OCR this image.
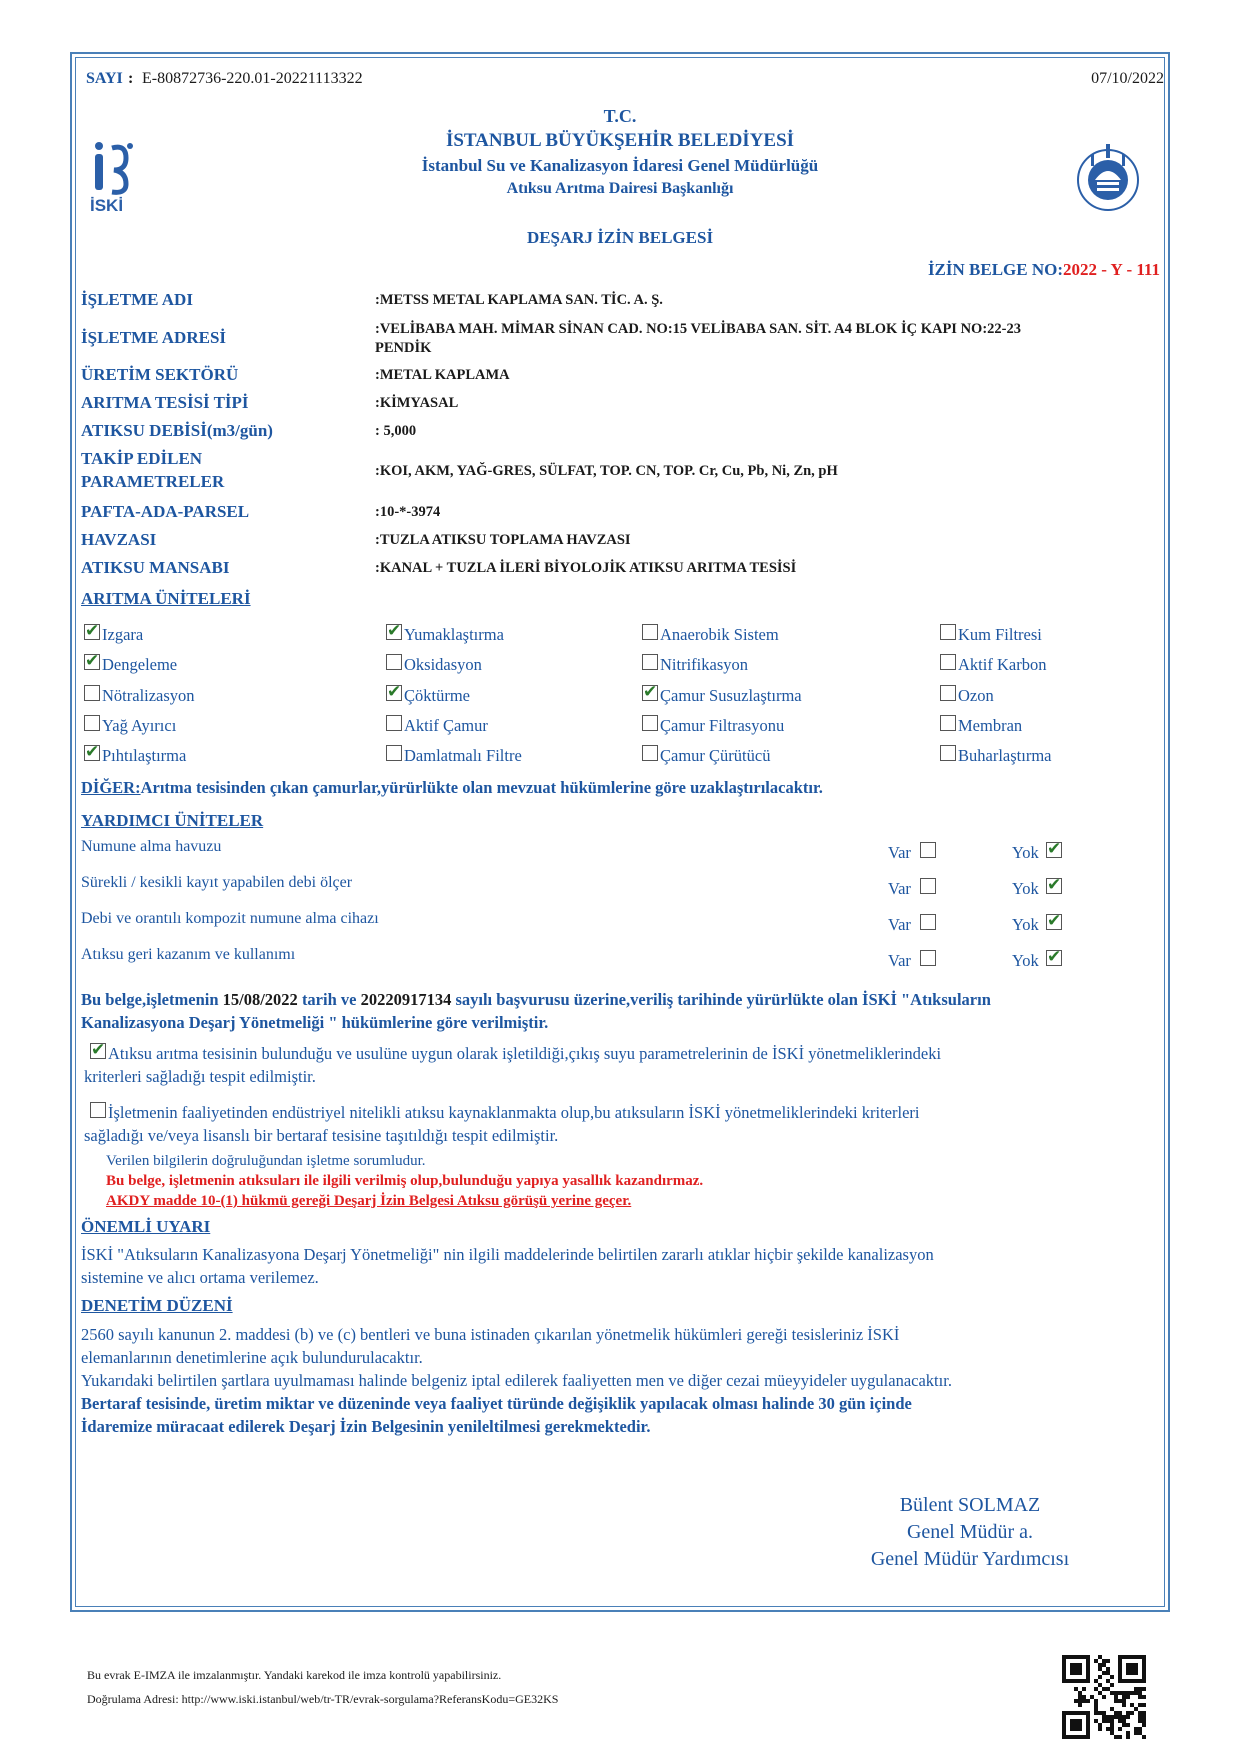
SAYI : E-80872736-220.01-20221113322	07/10/2022
T.C.
İSTANBUL BÜYÜKŞEHİR BELEDİYESİ
İstanbul Su ve Kanalizasyon İdaresi Genel Müdürlüğü
Atıksu Arıtma Dairesi Başkanlığı
DEŞARJ İZİN BELGESİ
İSKİ
İZİN BELGE NO:2022 - Y - 111
İŞLETME ADI	:METSS METAL KAPLAMA SAN. TİC. A. Ş.
İŞLETME ADRESİ	:VELİBABA MAH. MİMAR SİNAN CAD. NO:15 VELİBABA SAN. SİT. A4 BLOK İÇ KAPI NO:22-23
PENDİK
ÜRETİM SEKTÖRÜ	:METAL KAPLAMA
ARITMA TESİSİ TİPİ	:KİMYASAL
ATIKSU DEBİSİ(m3/gün)	: 5,000
TAKİP EDİLEN
PARAMETRELER
:KOI, AKM, YAĞ-GRES, SÜLFAT, TOP. CN, TOP. Cr, Cu, Pb, Ni, Zn, pH
PAFTA-ADA-PARSEL	:10-*-3974
HAVZASI	:TUZLA ATIKSU TOPLAMA HAVZASI
ATIKSU MANSABI	:KANAL + TUZLA İLERİ BİYOLOJİK ATIKSU ARITMA TESİSİ
ARITMA ÜNİTELERİ
✔ Izgara	✔ Yumaklaştırma	Anaerobik Sistem	Kum Filtresi
✔ Dengeleme	Oksidasyon	Nitrifikasyon	Aktif Karbon
Nötralizasyon	✔ Çöktürme	✔ Çamur Susuzlaştırma	Ozon
Yağ Ayırıcı	Aktif Çamur	Çamur Filtrasyonu	Membran
✔ Pıhtılaştırma	Damlatmalı Filtre	Çamur Çürütücü	Buharlaştırma
DİĞER:Arıtma tesisinden çıkan çamurlar,yürürlükte olan mevzuat hükümlerine göre uzaklaştırılacaktır.
YARDIMCI ÜNİTELER
Numune alma havuzu	Var	Yok ✔
Sürekli / kesikli kayıt yapabilen debi ölçer	Var	Yok ✔
Debi ve orantılı kompozit numune alma cihazı	Var	Yok ✔
Atıksu geri kazanım ve kullanımı	Var	Yok ✔
Bu belge,işletmenin 15/08/2022 tarih ve 20220917134 sayılı başvurusu üzerine,veriliş tarihinde yürürlükte olan İSKİ "Atıksuların
Kanalizasyona Deşarj Yönetmeliği " hükümlerine göre verilmiştir.
✔ Atıksu arıtma tesisinin bulunduğu ve usulüne uygun olarak işletildiği,çıkış suyu parametrelerinin de İSKİ yönetmeliklerindeki
kriterleri sağladığı tespit edilmiştir.
İşletmenin faaliyetinden endüstriyel nitelikli atıksu kaynaklanmakta olup,bu atıksuların İSKİ yönetmeliklerindeki kriterleri
sağladığı ve/veya lisanslı bir bertaraf tesisine taşıtıldığı tespit edilmiştir.
Verilen bilgilerin doğruluğundan işletme sorumludur.
Bu belge, işletmenin atıksuları ile ilgili verilmiş olup,bulunduğu yapıya yasallık kazandırmaz.
AKDY madde 10-(1) hükmü gereği Deşarj İzin Belgesi Atıksu görüşü yerine geçer.
ÖNEMLİ UYARI
İSKİ "Atıksuların Kanalizasyona Deşarj Yönetmeliği" nin ilgili maddelerinde belirtilen zararlı atıklar hiçbir şekilde kanalizasyon
sistemine ve alıcı ortama verilemez.
DENETİM DÜZENİ
2560 sayılı kanunun 2. maddesi (b) ve (c) bentleri ve buna istinaden çıkarılan yönetmelik hükümleri gereği tesisleriniz İSKİ
elemanlarının denetimlerine açık bulundurulacaktır.
Yukarıdaki belirtilen şartlara uyulmaması halinde belgeniz iptal edilerek faaliyetten men ve diğer cezai müeyyideler uygulanacaktır.
Bertaraf tesisinde, üretim miktar ve düzeninde veya faaliyet türünde değişiklik yapılacak olması halinde 30 gün içinde
İdaremize müracaat edilerek Deşarj İzin Belgesinin yenileltilmesi gerekmektedir.
Bülent SOLMAZ
Genel Müdür a.
Genel Müdür Yardımcısı
Bu evrak E-IMZA ile imzalanmıştır. Yandaki karekod ile imza kontrolü yapabilirsiniz.
Doğrulama Adresi: http://www.iski.istanbul/web/tr-TR/evrak-sorgulama?ReferansKodu=GE32KS
